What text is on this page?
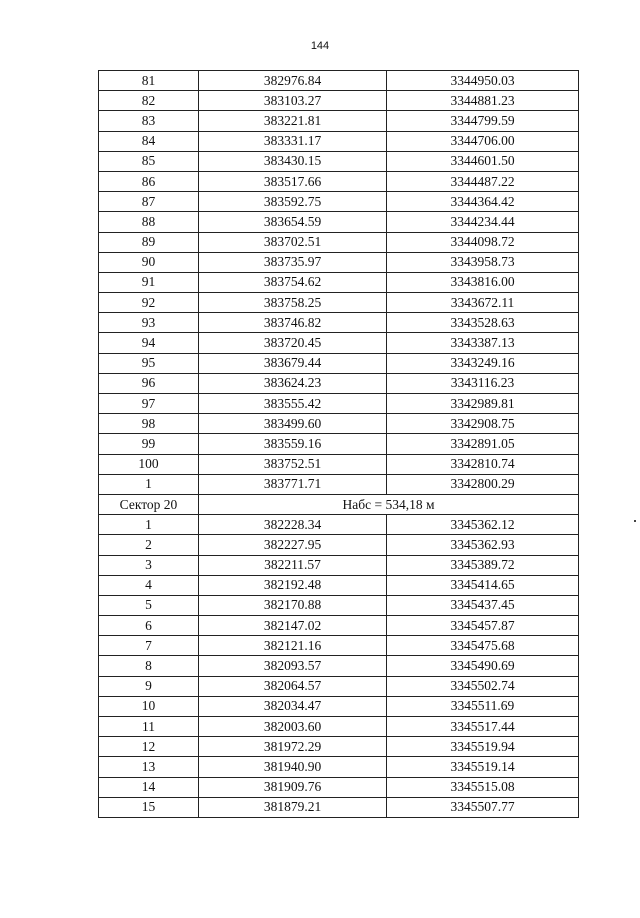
144
81	382976.84	3344950.03
82	383103.27	3344881.23
83	383221.81	3344799.59
84	383331.17	3344706.00
85	383430.15	3344601.50
86	383517.66	3344487.22
87	383592.75	3344364.42
88	383654.59	3344234.44
89	383702.51	3344098.72
90	383735.97	3343958.73
91	383754.62	3343816.00
92	383758.25	3343672.11
93	383746.82	3343528.63
94	383720.45	3343387.13
95	383679.44	3343249.16
96	383624.23	3343116.23
97	383555.42	3342989.81
98	383499.60	3342908.75
99	383559.16	3342891.05
100	383752.51	3342810.74
1	383771.71	3342800.29
Сектор 20	Набс = 534,18 м	
1	382228.34	3345362.12
2	382227.95	3345362.93
3	382211.57	3345389.72
4	382192.48	3345414.65
5	382170.88	3345437.45
6	382147.02	3345457.87
7	382121.16	3345475.68
8	382093.57	3345490.69
9	382064.57	3345502.74
10	382034.47	3345511.69
11	382003.60	3345517.44
12	381972.29	3345519.94
13	381940.90	3345519.14
14	381909.76	3345515.08
15	381879.21	3345507.77
